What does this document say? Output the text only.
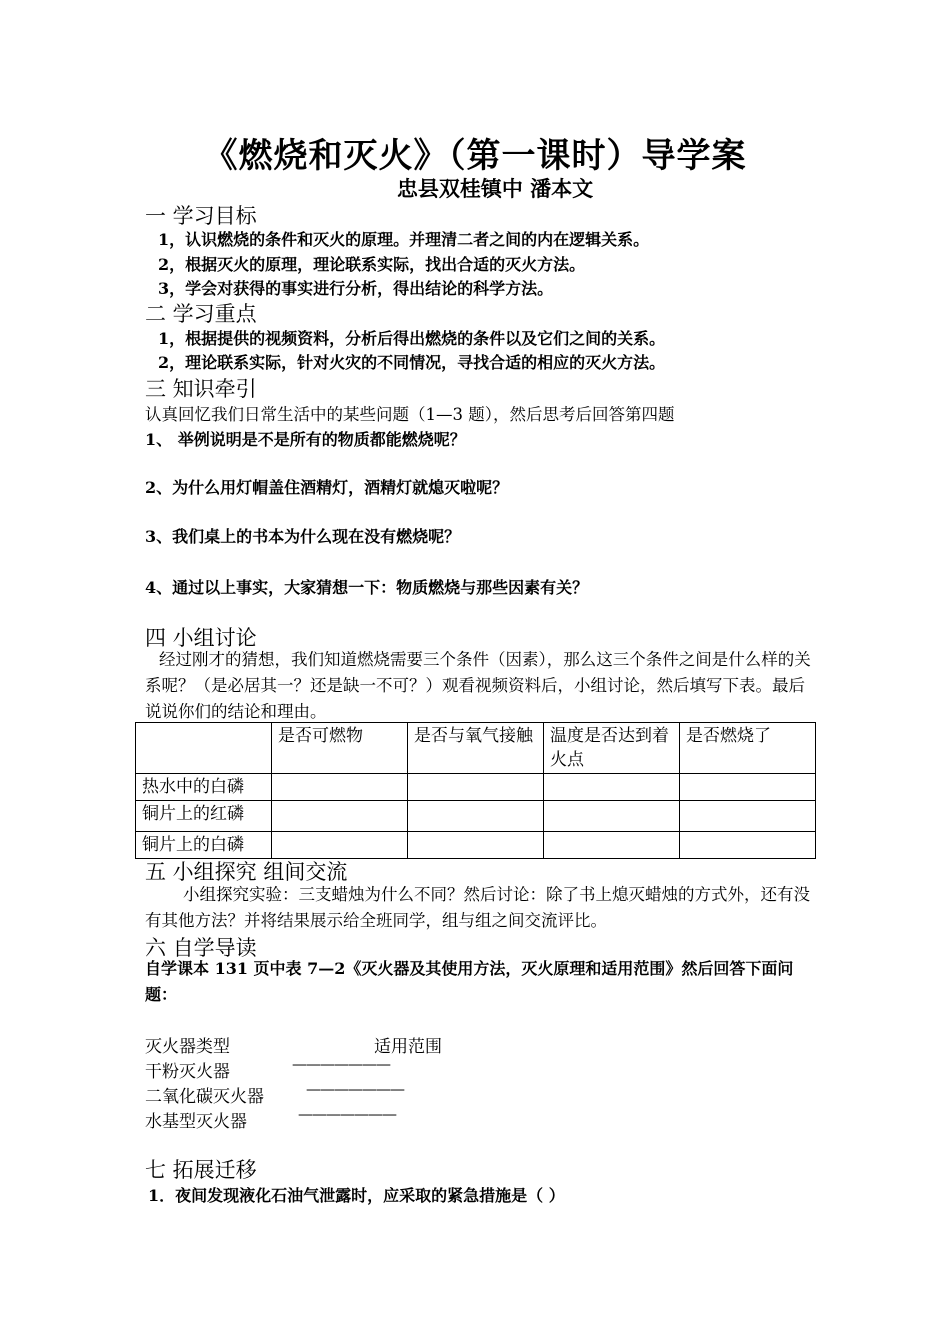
《燃烧和灭火》（第一课时）导学案
忠县双桂镇中 潘本文
一 学习目标
1，认识燃烧的条件和灭火的原理。并理清二者之间的内在逻辑关系。
2，根据灭火的原理，理论联系实际，找出合适的灭火方法。
3，学会对获得的事实进行分析，得出结论的科学方法。
二 学习重点
1，根据提供的视频资料，分析后得出燃烧的条件以及它们之间的关系。
2，理论联系实际，针对火灾的不同情况，寻找合适的相应的灭火方法。
三 知识牵引
认真回忆我们日常生活中的某些问题（1—3 题），然后思考后回答第四题
1、 举例说明是不是所有的物质都能燃烧呢？
2、为什么用灯帽盖住酒精灯，酒精灯就熄灭啦呢？
3、我们桌上的书本为什么现在没有燃烧呢？
4、通过以上事实，大家猜想一下：物质燃烧与那些因素有关？
四 小组讨论
经过刚才的猜想，我们知道燃烧需要三个条件（因素），那么这三个条件之间是什么样的关系呢？（是必居其一？还是缺一不可？）观看视频资料后，小组讨论，然后填写下表。最后说说你们的结论和理由。
	是否可燃物	是否与氧气接触	温度是否达到着火点	是否燃烧了
热水中的白磷				
铜片上的红磷				
铜片上的白磷				
五 小组探究 组间交流
小组探究实验：三支蜡烛为什么不同？然后讨论：除了书上熄灭蜡烛的方式外，还有没有其他方法？并将结果展示给全班同学，组与组之间交流评比。
六 自学导读
自学课本 131 页中表 7—2《灭火器及其使用方法，灭火原理和适用范围》然后回答下面问题：
灭火器类型	适用范围
干粉灭火器	———————
二氧化碳灭火器	———————
水基型灭火器	———————
七 拓展迁移
1．夜间发现液化石油气泄露时，应采取的紧急措施是（ ）
